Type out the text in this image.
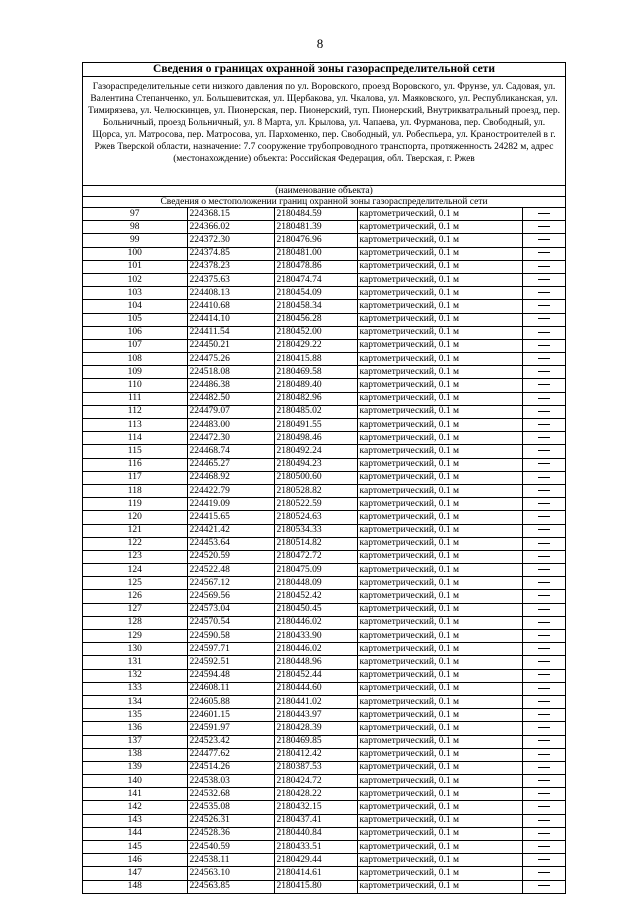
8
Сведения о границах охранной зоны газораспределительной сети
Газораспределительные сети низкого давления по ул. Воровского, проезд Воровского, ул. Фрунзе, ул. Садовая, ул. Валентина Степанченко, ул. Большевитская, ул. Щербакова, ул. Чкалова, ул. Маяковского, ул. Республиканская, ул. Тимирязева, ул. Челюскинцев, ул. Пионерская, пер. Пионерский, туп. Пионерский, Внутрикватральный проезд, пер. Больничный, проезд Больничный, ул. 8 Марта, ул. Крылова, ул. Чапаева, ул. Фурманова, пер. Свободный, ул. Щорса, ул. Матросова, пер. Матросова, ул. Пархоменко, пер. Свободный, ул. Робеспьера, ул. Краностроителей в г. Ржев Тверской области, назначение: 7.7 сооружение трубопроводного транспорта, протяженность 24282 м, адрес (местонахождение) объекта: Российская Федерация, обл. Тверская, г. Ржев
(наименование объекта)
Сведения о местоположении границ охранной зоны газораспределительной сети
97	224368.15	2180484.59	картометрический, 0.1 м	
98	224366.02	2180481.39	картометрический, 0.1 м	
99	224372.30	2180476.96	картометрический, 0.1 м	
100	224374.85	2180481.00	картометрический, 0.1 м	
101	224378.23	2180478.86	картометрический, 0.1 м	
102	224375.63	2180474.74	картометрический, 0.1 м	
103	224408.13	2180454.09	картометрический, 0.1 м	
104	224410.68	2180458.34	картометрический, 0.1 м	
105	224414.10	2180456.28	картометрический, 0.1 м	
106	224411.54	2180452.00	картометрический, 0.1 м	
107	224450.21	2180429.22	картометрический, 0.1 м	
108	224475.26	2180415.88	картометрический, 0.1 м	
109	224518.08	2180469.58	картометрический, 0.1 м	
110	224486.38	2180489.40	картометрический, 0.1 м	
111	224482.50	2180482.96	картометрический, 0.1 м	
112	224479.07	2180485.02	картометрический, 0.1 м	
113	224483.00	2180491.55	картометрический, 0.1 м	
114	224472.30	2180498.46	картометрический, 0.1 м	
115	224468.74	2180492.24	картометрический, 0.1 м	
116	224465.27	2180494.23	картометрический, 0.1 м	
117	224468.92	2180500.60	картометрический, 0.1 м	
118	224422.79	2180528.82	картометрический, 0.1 м	
119	224419.09	2180522.59	картометрический, 0.1 м	
120	224415.65	2180524.63	картометрический, 0.1 м	
121	224421.42	2180534.33	картометрический, 0.1 м	
122	224453.64	2180514.82	картометрический, 0.1 м	
123	224520.59	2180472.72	картометрический, 0.1 м	
124	224522.48	2180475.09	картометрический, 0.1 м	
125	224567.12	2180448.09	картометрический, 0.1 м	
126	224569.56	2180452.42	картометрический, 0.1 м	
127	224573.04	2180450.45	картометрический, 0.1 м	
128	224570.54	2180446.02	картометрический, 0.1 м	
129	224590.58	2180433.90	картометрический, 0.1 м	
130	224597.71	2180446.02	картометрический, 0.1 м	
131	224592.51	2180448.96	картометрический, 0.1 м	
132	224594.48	2180452.44	картометрический, 0.1 м	
133	224608.11	2180444.60	картометрический, 0.1 м	
134	224605.88	2180441.02	картометрический, 0.1 м	
135	224601.15	2180443.97	картометрический, 0.1 м	
136	224591.97	2180428.39	картометрический, 0.1 м	
137	224523.42	2180469.85	картометрический, 0.1 м	
138	224477.62	2180412.42	картометрический, 0.1 м	
139	224514.26	2180387.53	картометрический, 0.1 м	
140	224538.03	2180424.72	картометрический, 0.1 м	
141	224532.68	2180428.22	картометрический, 0.1 м	
142	224535.08	2180432.15	картометрический, 0.1 м	
143	224526.31	2180437.41	картометрический, 0.1 м	
144	224528.36	2180440.84	картометрический, 0.1 м	
145	224540.59	2180433.51	картометрический, 0.1 м	
146	224538.11	2180429.44	картометрический, 0.1 м	
147	224563.10	2180414.61	картометрический, 0.1 м	
148	224563.85	2180415.80	картометрический, 0.1 м	
